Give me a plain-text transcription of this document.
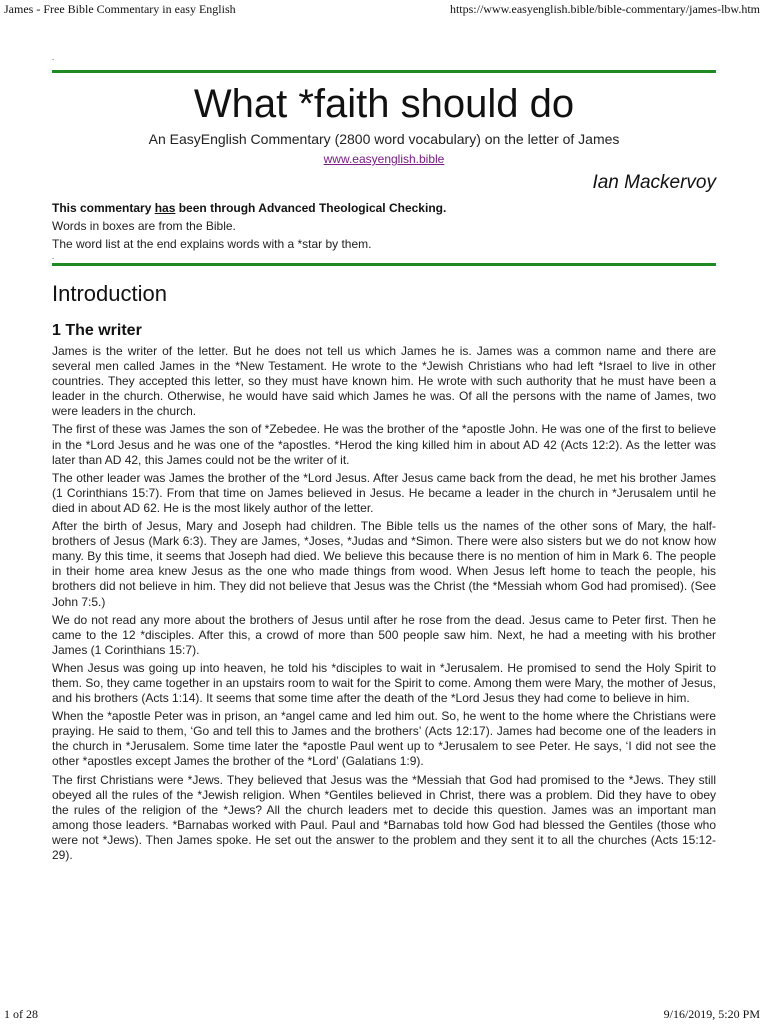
James - Free Bible Commentary in easy English	https://www.easyenglish.bible/bible-commentary/james-lbw.htm
.
What *faith should do
An EasyEnglish Commentary (2800 word vocabulary) on the letter of James
www.easyenglish.bible
Ian Mackervoy
This commentary has been through Advanced Theological Checking.
Words in boxes are from the Bible.
The word list at the end explains words with a *star by them.
.
Introduction
1 The writer

James is the writer of the letter. But he does not tell us which James he is. James was a common name and there are several men called James in the *New Testament. He wrote to the *Jewish Christians who had left *Israel to live in other countries. They accepted this letter, so they must have known him. He wrote with such authority that he must have been a leader in the church. Otherwise, he would have said which James he was. Of all the persons with the name of James, two were leaders in the church.

The first of these was James the son of *Zebedee. He was the brother of the *apostle John. He was one of the first to believe in the *Lord Jesus and he was one of the *apostles. *Herod the king killed him in about AD 42 (Acts 12:2). As the letter was later than AD 42, this James could not be the writer of it.

The other leader was James the brother of the *Lord Jesus. After Jesus came back from the dead, he met his brother James (1 Corinthians 15:7). From that time on James believed in Jesus. He became a leader in the church in *Jerusalem until he died in about AD 62. He is the most likely author of the letter.

After the birth of Jesus, Mary and Joseph had children. The Bible tells us the names of the other sons of Mary, the half-brothers of Jesus (Mark 6:3). They are James, *Joses, *Judas and *Simon. There were also sisters but we do not know how many. By this time, it seems that Joseph had died. We believe this because there is no mention of him in Mark 6. The people in their home area knew Jesus as the one who made things from wood. When Jesus left home to teach the people, his brothers did not believe in him. They did not believe that Jesus was the Christ (the *Messiah whom God had promised). (See John 7:5.)

We do not read any more about the brothers of Jesus until after he rose from the dead. Jesus came to Peter first. Then he came to the 12 *disciples. After this, a crowd of more than 500 people saw him. Next, he had a meeting with his brother James (1 Corinthians 15:7).

When Jesus was going up into heaven, he told his *disciples to wait in *Jerusalem. He promised to send the Holy Spirit to them. So, they came together in an upstairs room to wait for the Spirit to come. Among them were Mary, the mother of Jesus, and his brothers (Acts 1:14). It seems that some time after the death of the *Lord Jesus they had come to believe in him.

When the *apostle Peter was in prison, an *angel came and led him out. So, he went to the home where the Christians were praying. He said to them, ‘Go and tell this to James and the brothers’ (Acts 12:17). James had become one of the leaders in the church in *Jerusalem. Some time later the *apostle Paul went up to *Jerusalem to see Peter. He says, ‘I did not see the other *apostles except James the brother of the *Lord’ (Galatians 1:9).

The first Christians were *Jews. They believed that Jesus was the *Messiah that God had promised to the *Jews. They still obeyed all the rules of the *Jewish religion. When *Gentiles believed in Christ, there was a problem. Did they have to obey the rules of the religion of the *Jews? All the church leaders met to decide this question. James was an important man among those leaders. *Barnabas worked with Paul. Paul and *Barnabas told how God had blessed the Gentiles (those who were not *Jews). Then James spoke. He set out the answer to the problem and they sent it to all the churches (Acts 15:12-29).

1 of 28	9/16/2019, 5:20 PM
